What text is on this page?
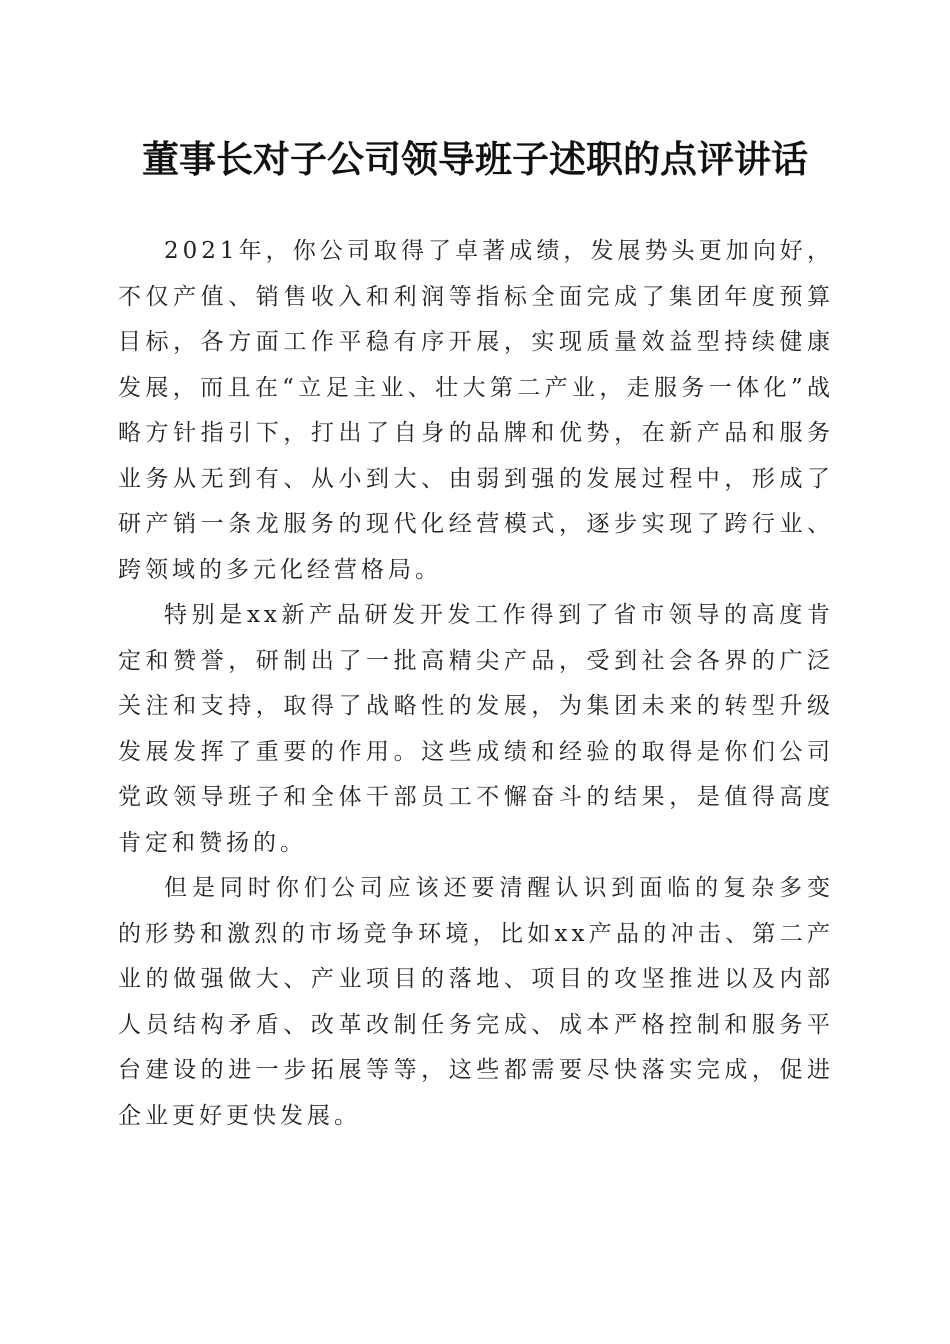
董事长对子公司领导班子述职的点评讲话

2021年，你公司取得了卓著成绩，发展势头更加向好，不仅产值、销售收入和利润等指标全面完成了集团年度预算目标，各方面工作平稳有序开展，实现质量效益型持续健康发展，而且在“立足主业、壮大第二产业，走服务一体化”战略方针指引下，打出了自身的品牌和优势，在新产品和服务业务从无到有、从小到大、由弱到强的发展过程中，形成了研产销一条龙服务的现代化经营模式，逐步实现了跨行业、跨领域的多元化经营格局。

特别是xx新产品研发开发工作得到了省市领导的高度肯定和赞誉，研制出了一批高精尖产品，受到社会各界的广泛关注和支持，取得了战略性的发展，为集团未来的转型升级发展发挥了重要的作用。这些成绩和经验的取得是你们公司党政领导班子和全体干部员工不懈奋斗的结果，是值得高度肯定和赞扬的。

但是同时你们公司应该还要清醒认识到面临的复杂多变的形势和激烈的市场竞争环境，比如xx产品的冲击、第二产业的做强做大、产业项目的落地、项目的攻坚推进以及内部人员结构矛盾、改革改制任务完成、成本严格控制和服务平台建设的进一步拓展等等，这些都需要尽快落实完成，促进企业更好更快发展。
